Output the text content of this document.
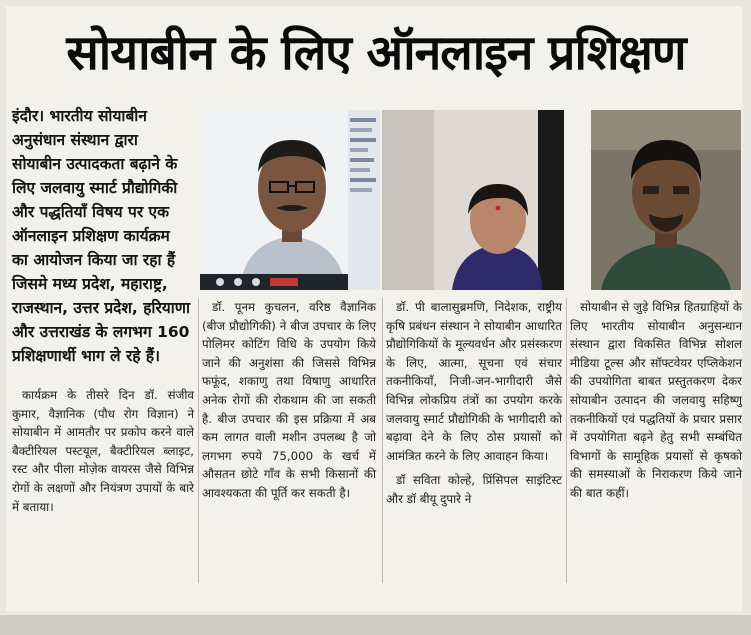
सोयाबीन के लिए ऑनलाइन प्रशिक्षण
इंदौर। भारतीय सोयाबीन अनुसंधान संस्थान द्वारा सोयाबीन उत्पादकता बढ़ाने के लिए जलवायु स्मार्ट प्रौद्योगिकी और पद्धतियाँ विषय पर एक ऑनलाइन प्रशिक्षण कार्यक्रम का आयोजन किया जा रहा हैं जिसमे मध्य प्रदेश, महाराष्ट्र, राजस्थान, उत्तर प्रदेश, हरियाणा और उत्तराखंड के लगभग 160 प्रशिक्षणार्थी भाग ले रहे हैं।

कार्यक्रम के तीसरे दिन डॉ. संजीव कुमार, वैज्ञानिक (पौध रोग विज्ञान) ने सोयाबीन में आमतौर पर प्रकोप करने वाले बैक्टीरियल पस्टयूल, बैक्टीरियल ब्लाइट, रस्ट और पीला मोज़ेक वायरस जैसे विभिन्न रोगों के लक्षणों और नियंत्रण उपायों के बारे में बताया।

डॉ. पूनम कुचलन, वरिष्ठ वैज्ञानिक (बीज प्रौद्योगिकी) ने बीज उपचार के लिए पोलिमर कोटिंग विधि के उपयोग किये जाने की अनुशंसा की जिससे विभिन्न फफूंद, शकाणु तथा विषाणु आधारित अनेक रोगों की रोकथाम की जा सकती है. बीज उपचार की इस प्रक्रिया में अब कम लागत वाली मशीन उपलब्ध है जो लगभग रुपये 75,000 के खर्च में औसतन छोटे गाँव के सभी किसानों की आवश्यकता की पूर्ति कर सकती है।

डॉ. पी बालासुब्रमणि, निदेशक, राष्ट्रीय कृषि प्रबंधन संस्थान ने सोयाबीन आधारित प्रौद्योगिकियों के मूल्यवर्धन और प्रसंस्करण के लिए, आत्मा, सूचना एवं संचार तकनीकियाँ, निजी-जन-भागीदारी जैसे विभिन्न लोकप्रिय तंत्रों का उपयोग करके जलवायु स्मार्ट प्रौद्योगिकी के भागीदारी को बढ़ावा देने के लिए ठोस प्रयासों को आमंत्रित करने के लिए आवाहन किया।

डॉ सविता कोल्हे, प्रिंसिपल साइंटिस्ट और डॉ बीयू दुपारे ने

सोयाबीन से जुड़े विभिन्न हितग्राहियों के लिए भारतीय सोयाबीन अनुसन्धान संस्थान द्वारा विकसित विभिन्न सोशल मीडिया टूल्स और सॉफ्टवेयर एप्लिकेशन की उपयोगिता बाबत प्रस्तुतकरण देकर सोयाबीन उत्पादन की जलवायु सहिष्णु तकनीकियों एवं पद्धतियों के प्रचार प्रसार में उपयोगिता बढ़ने हेतु सभी सम्बंधित विभागों के सामूहिक प्रयासों से कृषको की समस्याओं के निराकरण किये जाने की बात कहीं।
